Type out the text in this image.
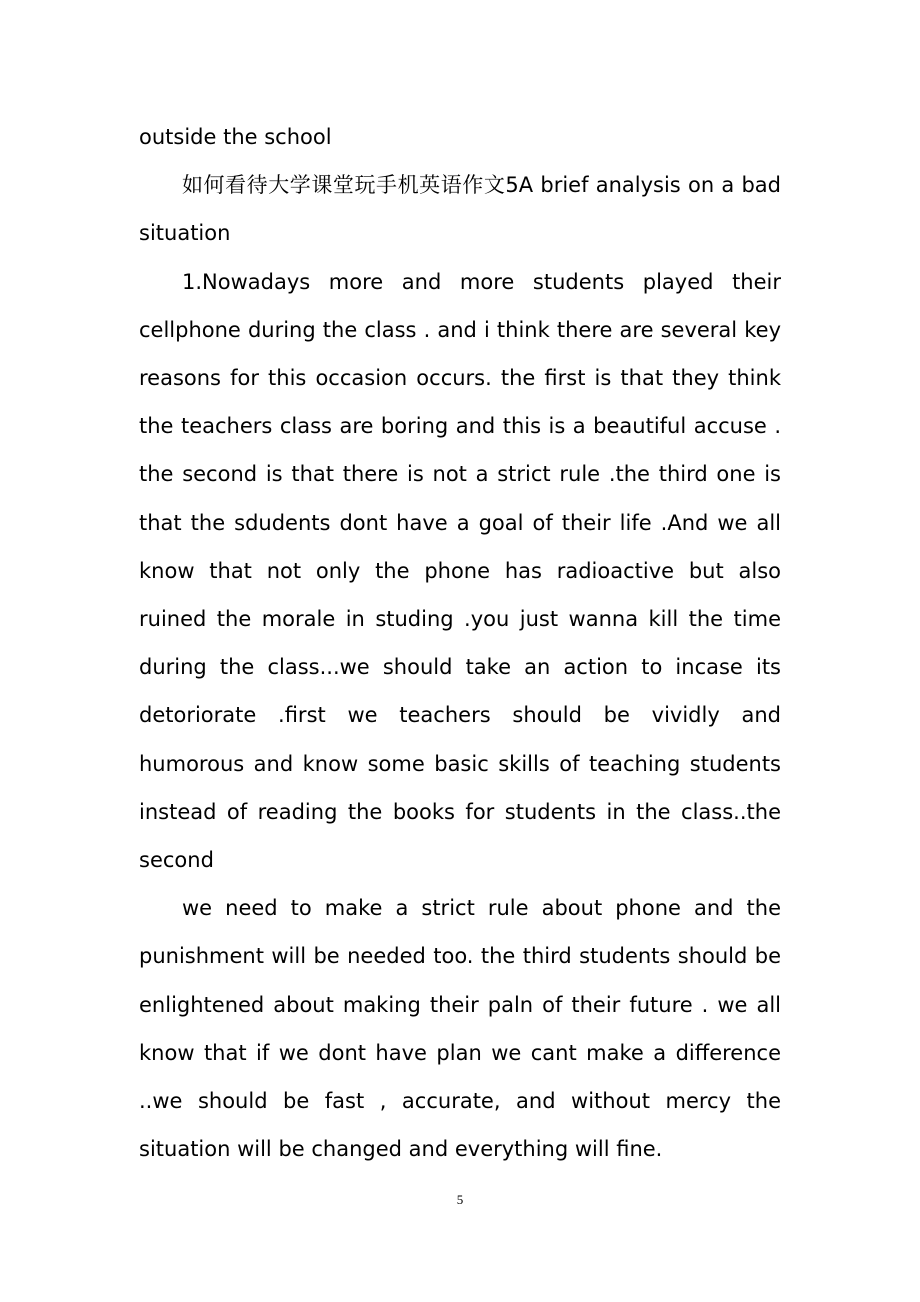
outside the school

如何看待大学课堂玩手机英语作文5A brief analysis on a bad situation

1.Nowadays more and more students played their cellphone during the class . and i think there are several key reasons for this occasion occurs. the first is that they think the teachers class are boring and this is a beautiful accuse . the second is that there is not a strict rule .the third one is that the sdudents dont have a goal of their life .And we all know that not only the phone has radioactive but also ruined the morale in studing .you just wanna kill the time during the class...we should take an action to incase its detoriorate .first we teachers should be vividly and humorous and know some basic skills of teaching students instead of reading the books for students in the class..the second

we need to make a strict rule about phone and the punishment will be needed too. the third students should be enlightened about making their paln of their future . we all know that if we dont have plan we cant make a difference ..we should be fast , accurate, and without mercy the situation will be changed and everything will fine.

5
